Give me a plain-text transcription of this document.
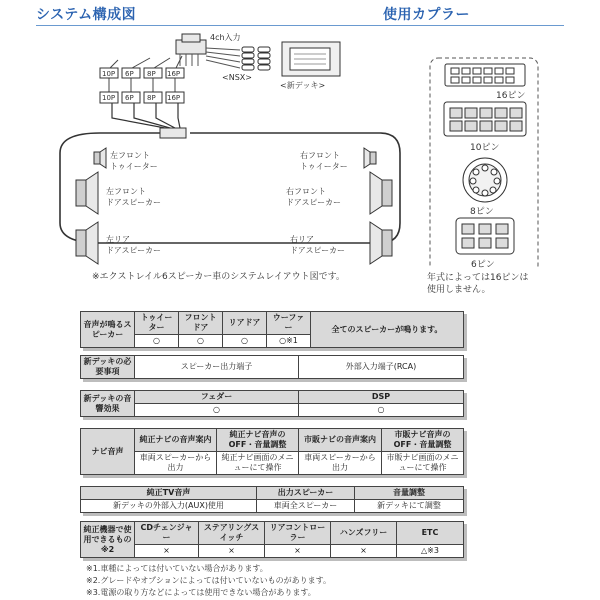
システム構成図	使用カプラー
4ch入力
<NSX>
<新デッキ>
10P 6P 8P 16P
10P 6P 8P 16P
左フロント
トゥイーター
左フロント
ドアスピーカー
左リア
ドアスピーカー
右フロント
トゥイーター
右フロント
ドアスピーカー
右リア
ドアスピーカー
16ピン
10ピン
8ピン
6ピン
※エクストレイル6スピーカー車のシステムレイアウト図です。	年式によっては16ピンは使用しません。
音声が鳴るスピーカー	トゥイーター	フロントドア	リアドア	ウーファー	全てのスピーカーが鳴ります。
	○	○	○	○※1	
新デッキの必要事項	スピーカー出力端子	外部入力端子(RCA)
新デッキの音響効果	フェダー	DSP
	○	○
ナビ音声	純正ナビの音声案内	純正ナビ音声のOFF・音量調整	市販ナビの音声案内	市販ナビ音声のOFF・音量調整
	車両スピーカーから出力	純正ナビ画面のメニューにて操作	車両スピーカーから出力	市販ナビ画面のメニューにて操作
純正TV音声	出力スピーカー	音量調整
新デッキの外部入力(AUX)使用	車両全スピーカー	新デッキにて調整
純正機器で使用できるもの※2	CDチェンジャー	ステアリングスイッチ	リアコントローラー	ハンズフリー	ETC
	×	×	×	×	△※3
※1.車種によっては付いていない場合があります。
※2.グレードやオプションによっては付いていないものがあります。
※3.電源の取り方などによっては使用できない場合があります。
